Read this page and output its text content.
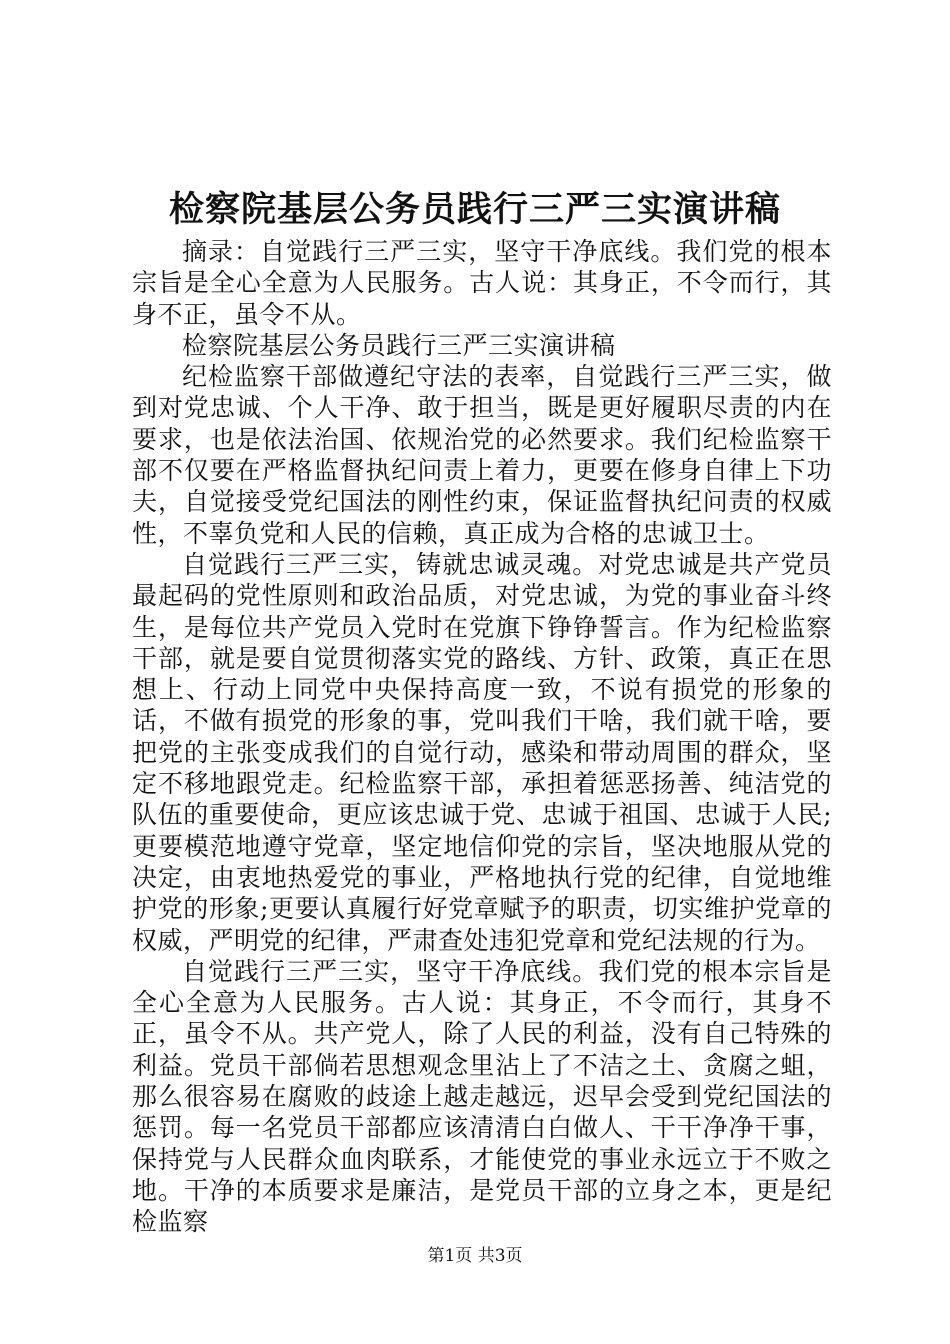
检察院基层公务员践行三严三实演讲稿

摘录：自觉践行三严三实，坚守干净底线。我们党的根本宗旨是全心全意为人民服务。古人说：其身正，不令而行，其身不正，虽令不从。

检察院基层公务员践行三严三实演讲稿

纪检监察干部做遵纪守法的表率，自觉践行三严三实，做到对党忠诚、个人干净、敢于担当，既是更好履职尽责的内在要求，也是依法治国、依规治党的必然要求。我们纪检监察干部不仅要在严格监督执纪问责上着力，更要在修身自律上下功夫，自觉接受党纪国法的刚性约束，保证监督执纪问责的权威性，不辜负党和人民的信赖，真正成为合格的忠诚卫士。

自觉践行三严三实，铸就忠诚灵魂。对党忠诚是共产党员最起码的党性原则和政治品质，对党忠诚，为党的事业奋斗终生，是每位共产党员入党时在党旗下铮铮誓言。作为纪检监察干部，就是要自觉贯彻落实党的路线、方针、政策，真正在思想上、行动上同党中央保持高度一致，不说有损党的形象的话，不做有损党的形象的事，党叫我们干啥，我们就干啥，要把党的主张变成我们的自觉行动，感染和带动周围的群众，坚定不移地跟党走。纪检监察干部，承担着惩恶扬善、纯洁党的队伍的重要使命，更应该忠诚于党、忠诚于祖国、忠诚于人民;更要模范地遵守党章，坚定地信仰党的宗旨，坚决地服从党的决定，由衷地热爱党的事业，严格地执行党的纪律，自觉地维护党的形象;更要认真履行好党章赋予的职责，切实维护党章的权威，严明党的纪律，严肃查处违犯党章和党纪法规的行为。

自觉践行三严三实，坚守干净底线。我们党的根本宗旨是全心全意为人民服务。古人说：其身正，不令而行，其身不正，虽令不从。共产党人，除了人民的利益，没有自己特殊的利益。党员干部倘若思想观念里沾上了不洁之土、贪腐之蛆，那么很容易在腐败的歧途上越走越远，迟早会受到党纪国法的惩罚。每一名党员干部都应该清清白白做人、干干净净干事，保持党与人民群众血肉联系，才能使党的事业永远立于不败之地。干净的本质要求是廉洁，是党员干部的立身之本，更是纪检监察

第1页 共3页
